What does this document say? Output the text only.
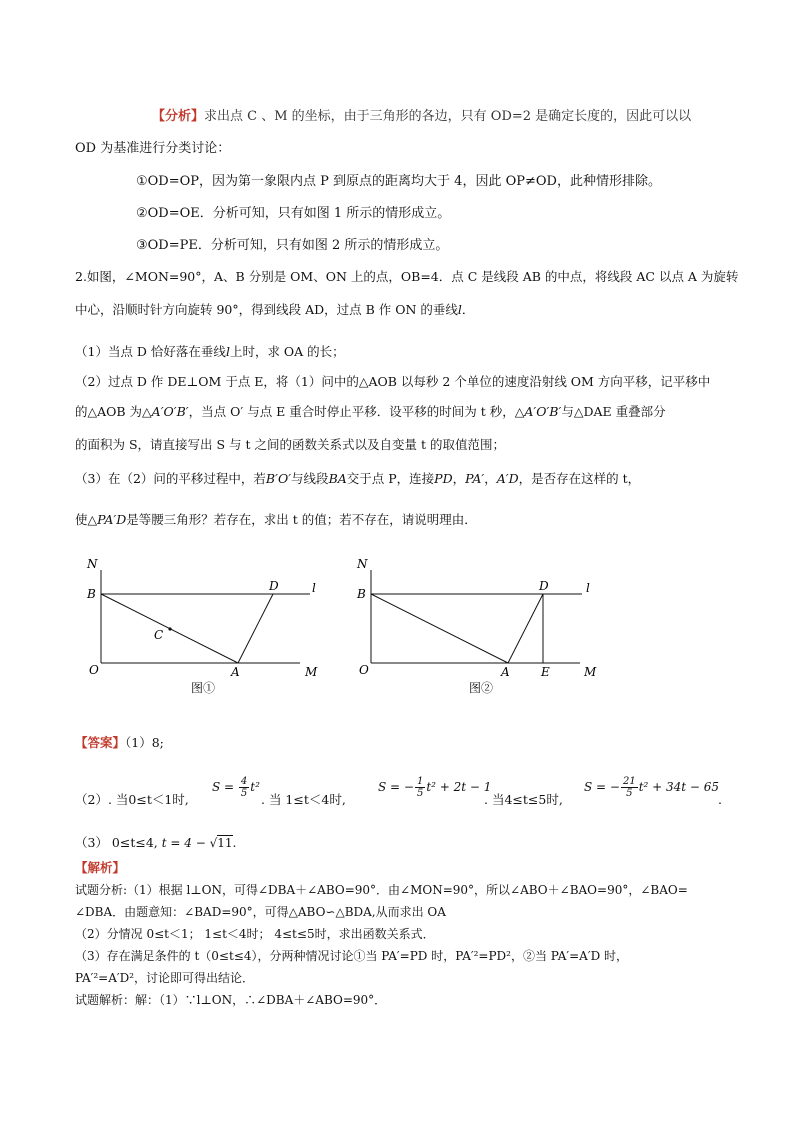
【分析】求出点 C 、M 的坐标，由于三角形的各边，只有 OD=2 是确定长度的，因此可以以
OD 为基准进行分类讨论：
①OD=OP，因为第一象限内点 P 到原点的距离均大于 4，因此 OP≠OD，此种情形排除。
②OD=OE．分析可知，只有如图 1 所示的情形成立。
③OD=PE．分析可知，只有如图 2 所示的情形成立。
2.如图，∠MON=90°，A、B 分别是 OM、ON 上的点，OB=4．点 C 是线段 AB 的中点，将线段 AC 以点 A 为旋转
中心，沿顺时针方向旋转 90°，得到线段 AD，过点 B 作 ON 的垂线l．
（1）当点 D 恰好落在垂线l上时，求 OA 的长；
（2）过点 D 作 DE⊥OM 于点 E，将（1）问中的△AOB 以每秒 2 个单位的速度沿射线 OM 方向平移，记平移中
的△AOB 为△A′O′B′，当点 O′ 与点 E 重合时停止平移．设平移的时间为 t 秒，△A′O′B′与△DAE 重叠部分
的面积为 S，请直接写出 S 与 t 之间的函数关系式以及自变量 t 的取值范围；
（3）在（2）问的平移过程中，若B′O′与线段BA交于点 P，连接PD，PA′，A′D，是否存在这样的 t，
使△PA′D是等腰三角形？若存在，求出 t 的值；若不存在，请说明理由．
N
B
O	A	M
D	l
C
图①
N
B
O	A	E	M
D	l
图②
【答案】（1）8;
（2）. 当0≤t＜1时,
$S = \frac{4}{5} t^2$
. 当 1≤t＜4时,
S = − $\frac{1}{5} t^2 + 2t - 1$
. 当4≤t≤5时,
S = − $\frac{21}{5} t^2 + 34t - 65$
.
（3） 0≤t≤4, t = 4 − √11.
【解析】
试题分析:（1）根据 l⊥ON，可得∠DBA＋∠ABO=90°．由∠MON=90°，所以∠ABO＋∠BAO=90°，∠BAO=
∠DBA．由题意知：∠BAD=90°，可得△ABO∽△BDA,从而求出 OA
（2）分情况 0≤t＜1； 1≤t＜4时； 4≤t≤5时，求出函数关系式．
（3）存在满足条件的 t（0≤t≤4），分两种情况讨论①当 PA′=PD 时，PA′²=PD²，②当 PA′=A′D 时，
PA′²=A′D²，讨论即可得出结论．
试题解析：解：（1）∵l⊥ON，∴∠DBA＋∠ABO=90°．
